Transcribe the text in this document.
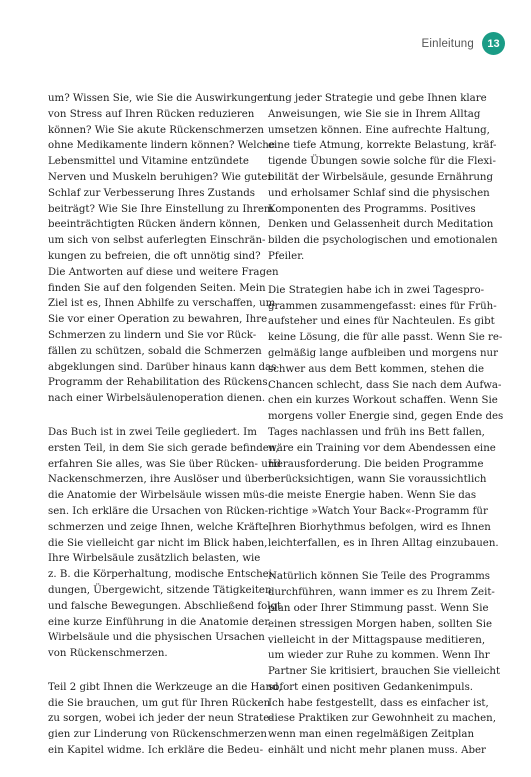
Einleitung	13

um? Wissen Sie, wie Sie die Auswirkungen
von Stress auf Ihren Rücken reduzieren
können? Wie Sie akute Rückenschmerzen
ohne Medikamente lindern können? Welche
Lebensmittel und Vitamine entzündete
Nerven und Muskeln beruhigen? Wie guter
Schlaf zur Verbesserung Ihres Zustands
beiträgt? Wie Sie Ihre Einstellung zu Ihrem
beeinträchtigten Rücken ändern können,
um sich von selbst auferlegten Einschrän-
kungen zu befreien, die oft unnötig sind?
Die Antworten auf diese und weitere Fragen
finden Sie auf den folgenden Seiten. Mein
Ziel ist es, Ihnen Abhilfe zu verschaffen, um
Sie vor einer Operation zu bewahren, Ihre
Schmerzen zu lindern und Sie vor Rück-
fällen zu schützen, sobald die Schmerzen
abgeklungen sind. Darüber hinaus kann das
Programm der Rehabilitation des Rückens
nach einer Wirbelsäulenoperation dienen.

Das Buch ist in zwei Teile gegliedert. Im
ersten Teil, in dem Sie sich gerade befinden,
erfahren Sie alles, was Sie über Rücken- und
Nackenschmerzen, ihre Auslöser und über
die Anatomie der Wirbelsäule wissen müs-
sen. Ich erkläre die Ursachen von Rücken-
schmerzen und zeige Ihnen, welche Kräfte,
die Sie vielleicht gar nicht im Blick haben,
Ihre Wirbelsäule zusätzlich belasten, wie
z. B. die Körperhaltung, modische Entschei-
dungen, Übergewicht, sitzende Tätigkeiten
und falsche Bewegungen. Abschließend folgt
eine kurze Einführung in die Anatomie der
Wirbelsäule und die physischen Ursachen
von Rückenschmerzen.

Teil 2 gibt Ihnen die Werkzeuge an die Hand,
die Sie brauchen, um gut für Ihren Rücken
zu sorgen, wobei ich jeder der neun Strate-
gien zur Linderung von Rückenschmerzen
ein Kapitel widme. Ich erkläre die Bedeu-

tung jeder Strategie und gebe Ihnen klare
Anweisungen, wie Sie sie in Ihrem Alltag
umsetzen können. Eine aufrechte Haltung,
eine tiefe Atmung, korrekte Belastung, kräf-
tigende Übungen sowie solche für die Flexi-
bilität der Wirbelsäule, gesunde Ernährung
und erholsamer Schlaf sind die physischen
Komponenten des Programms. Positives
Denken und Gelassenheit durch Meditation
bilden die psychologischen und emotionalen
Pfeiler.

Die Strategien habe ich in zwei Tagespro-
grammen zusammengefasst: eines für Früh-
aufsteher und eines für Nachteulen. Es gibt
keine Lösung, die für alle passt. Wenn Sie re-
gelmäßig lange aufbleiben und morgens nur
schwer aus dem Bett kommen, stehen die
Chancen schlecht, dass Sie nach dem Aufwa-
chen ein kurzes Workout schaffen. Wenn Sie
morgens voller Energie sind, gegen Ende des
Tages nachlassen und früh ins Bett fallen,
wäre ein Training vor dem Abendessen eine
Herausforderung. Die beiden Programme
berücksichtigen, wann Sie voraussichtlich
die meiste Energie haben. Wenn Sie das
richtige »Watch Your Back«-Programm für
Ihren Biorhythmus befolgen, wird es Ihnen
leichterfallen, es in Ihren Alltag einzubauen.

Natürlich können Sie Teile des Programms
durchführen, wann immer es zu Ihrem Zeit-
plan oder Ihrer Stimmung passt. Wenn Sie
einen stressigen Morgen haben, sollten Sie
vielleicht in der Mittagspause meditieren,
um wieder zur Ruhe zu kommen. Wenn Ihr
Partner Sie kritisiert, brauchen Sie vielleicht
sofort einen positiven Gedankenimpuls.
Ich habe festgestellt, dass es einfacher ist,
diese Praktiken zur Gewohnheit zu machen,
wenn man einen regelmäßigen Zeitplan
einhält und nicht mehr planen muss. Aber
